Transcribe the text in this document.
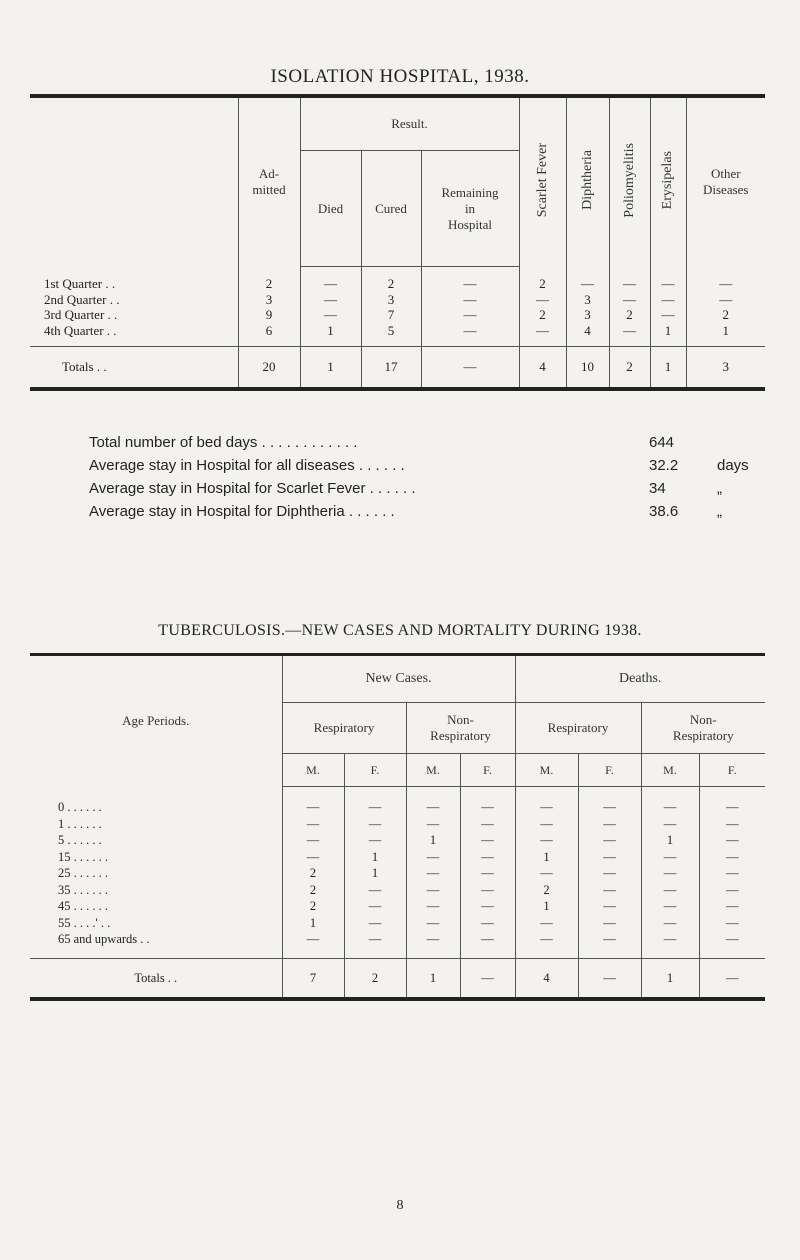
ISOLATION HOSPITAL, 1938.
	Ad-
mitted	Result.			Scarlet Fever	Diphtheria	Poliomyelitis	Erysipelas	Other
Diseases
		Died	Cured	Remaining
in
Hospital					
1st Quarter . .	2	—	2	—	2	—	—	—	—
2nd Quarter . .	3	—	3	—	—	3	—	—	—
3rd Quarter . .	9	—	7	—	2	3	2	—	2
4th Quarter . .	6	1	5	—	—	4	—	1	1
Totals . .	20	1	17	—	4	10	2	1	3
Total number of bed days . . . . . . . . . . . .	644
Average stay in Hospital for all diseases . . . . . .	32.2	days
Average stay in Hospital for Scarlet Fever . . . . . .	34	„
Average stay in Hospital for Diphtheria . . . . . .	38.6	„
TUBERCULOSIS.—NEW CASES AND MORTALITY DURING 1938.
Age Periods.	New Cases.				Deaths.			
	Respiratory		Non-
Respiratory		Respiratory		Non-
Respiratory	
	M.	F.	M.	F.	M.	F.	M.	F.
0 . . . . . .	—	—	—	—	—	—	—	—
1 . . . . . .	—	—	—	—	—	—	—	—
5 . . . . . .	—	—	1	—	—	—	1	—
15 . . . . . .	—	1	—	—	1	—	—	—
25 . . . . . .	2	1	—	—	—	—	—	—
35 . . . . . .	2	—	—	—	2	—	—	—
45 . . . . . .	2	—	—	—	1	—	—	—
55 . . . .' . .	1	—	—	—	—	—	—	—
65 and upwards . .	—	—	—	—	—	—	—	—
Totals . .	7	2	1	—	4	—	1	—
8
